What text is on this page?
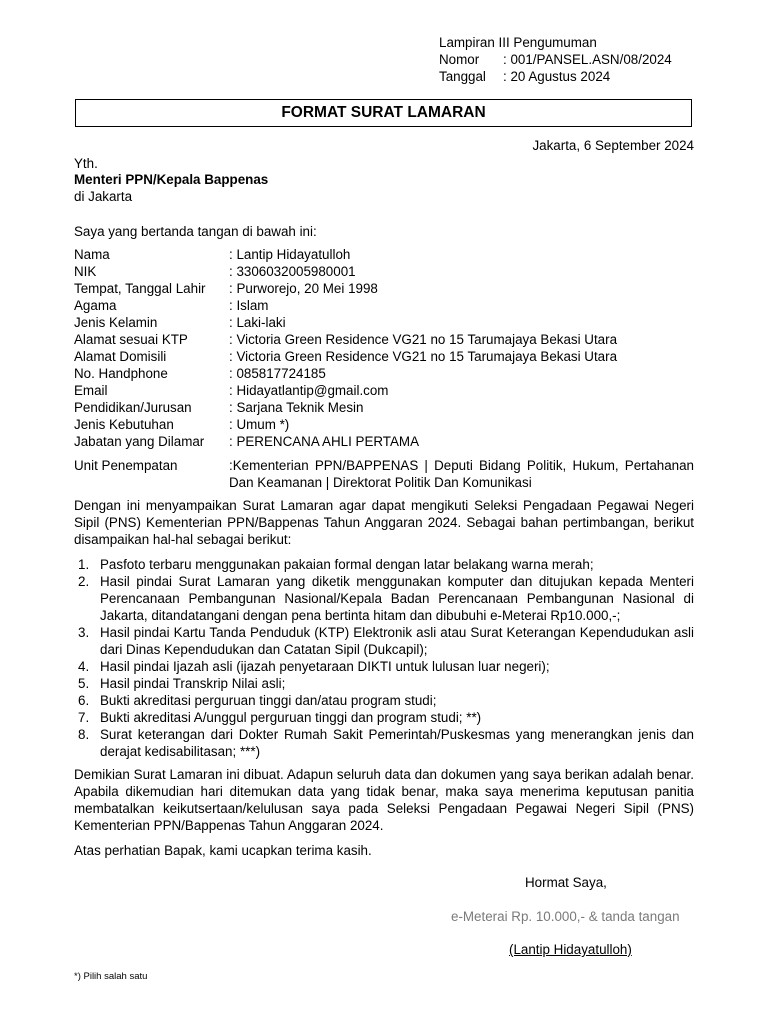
Lampiran III Pengumuman
Nomor : 001/PANSEL.ASN/08/2024
Tanggal : 20 Agustus 2024
FORMAT SURAT LAMARAN
Jakarta, 6 September 2024
Yth.
Menteri PPN/Kepala Bappenas
di Jakarta
Saya yang bertanda tangan di bawah ini:
Nama	: Lantip Hidayatulloh
NIK	: 3306032005980001
Tempat, Tanggal Lahir : Purworejo, 20 Mei 1998
Agama	: Islam
Jenis Kelamin	: Laki-laki
Alamat sesuai KTP	: Victoria Green Residence VG21 no 15 Tarumajaya Bekasi Utara
Alamat Domisili	: Victoria Green Residence VG21 no 15 Tarumajaya Bekasi Utara
No. Handphone	: 085817724185
Email	: Hidayatlantip@gmail.com
Pendidikan/Jurusan	: Sarjana Teknik Mesin
Jenis Kebutuhan	: Umum *)
Jabatan yang Dilamar : PERENCANA AHLI PERTAMA
Unit Penempatan	:Kementerian PPN/BAPPENAS | Deputi Bidang Politik, Hukum, Pertahanan Dan Keamanan | Direktorat Politik Dan Komunikasi
Dengan ini menyampaikan Surat Lamaran agar dapat mengikuti Seleksi Pengadaan Pegawai Negeri Sipil (PNS) Kementerian PPN/Bappenas Tahun Anggaran 2024. Sebagai bahan pertimbangan, berikut disampaikan hal-hal sebagai berikut:
1. Pasfoto terbaru menggunakan pakaian formal dengan latar belakang warna merah;
2. Hasil pindai Surat Lamaran yang diketik menggunakan komputer dan ditujukan kepada Menteri Perencanaan Pembangunan Nasional/Kepala Badan Perencanaan Pembangunan Nasional di Jakarta, ditandatangani dengan pena bertinta hitam dan dibubuhi e-Meterai Rp10.000,-;
3. Hasil pindai Kartu Tanda Penduduk (KTP) Elektronik asli atau Surat Keterangan Kependudukan asli dari Dinas Kependudukan dan Catatan Sipil (Dukcapil);
4. Hasil pindai Ijazah asli (ijazah penyetaraan DIKTI untuk lulusan luar negeri);
5. Hasil pindai Transkrip Nilai asli;
6. Bukti akreditasi perguruan tinggi dan/atau program studi;
7. Bukti akreditasi A/unggul perguruan tinggi dan program studi; **)
8. Surat keterangan dari Dokter Rumah Sakit Pemerintah/Puskesmas yang menerangkan jenis dan derajat kedisabilitasan; ***)
Demikian Surat Lamaran ini dibuat. Adapun seluruh data dan dokumen yang saya berikan adalah benar. Apabila dikemudian hari ditemukan data yang tidak benar, maka saya menerima keputusan panitia membatalkan keikutsertaan/kelulusan saya pada Seleksi Pengadaan Pegawai Negeri Sipil (PNS) Kementerian PPN/Bappenas Tahun Anggaran 2024.
Atas perhatian Bapak, kami ucapkan terima kasih.
Hormat Saya,
e-Meterai Rp. 10.000,- & tanda tangan
(Lantip Hidayatulloh)
*) Pilih salah satu
